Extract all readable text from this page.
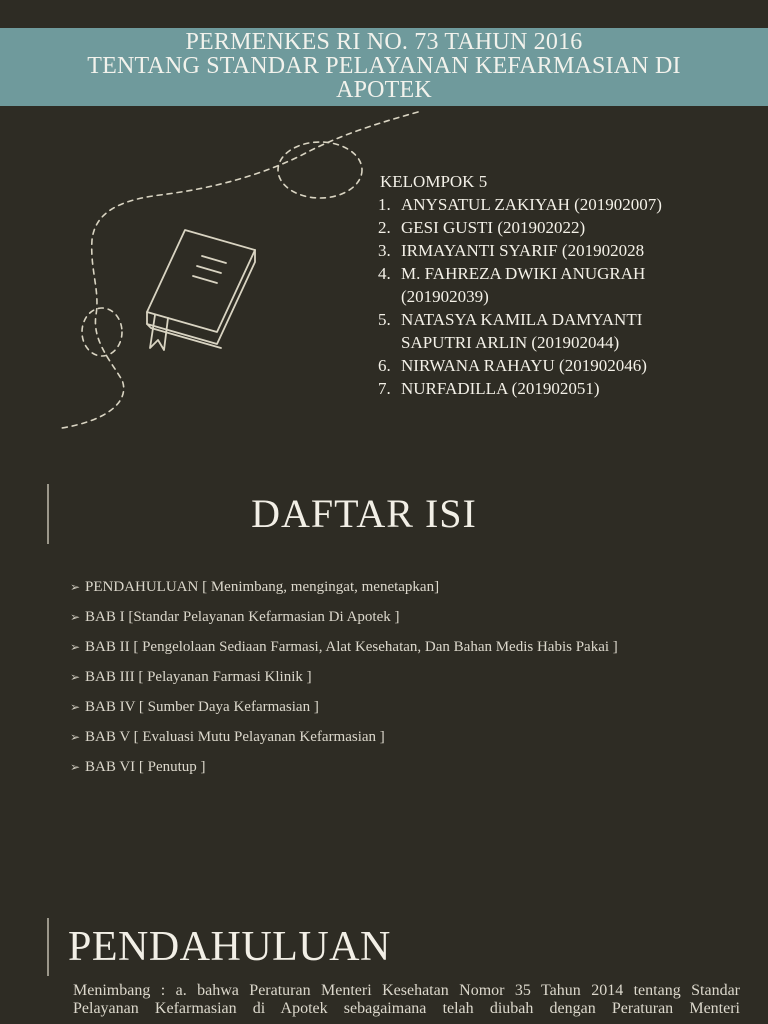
PERMENKES RI NO. 73 TAHUN 2016
TENTANG STANDAR PELAYANAN KEFARMASIAN DI
APOTEK
KELOMPOK 5
1. ANYSATUL ZAKIYAH (201902007)
2. GESI GUSTI (201902022)
3. IRMAYANTI SYARIF (201902028
4. M. FAHREZA DWIKI ANUGRAH
(201902039)
5. NATASYA KAMILA DAMYANTI
SAPUTRI ARLIN (201902044)
6. NIRWANA RAHAYU (201902046)
7. NURFADILLA (201902051)
DAFTAR ISI
➢ PENDAHULUAN [ Menimbang, mengingat, menetapkan]
➢ BAB I [Standar Pelayanan Kefarmasian Di Apotek ]
➢ BAB II [ Pengelolaan Sediaan Farmasi, Alat Kesehatan, Dan Bahan Medis Habis Pakai ]
➢ BAB III [ Pelayanan Farmasi Klinik ]
➢ BAB IV [ Sumber Daya Kefarmasian ]
➢ BAB V [ Evaluasi Mutu Pelayanan Kefarmasian ]
➢ BAB VI [ Penutup ]
PENDAHULUAN
Menimbang : a. bahwa Peraturan Menteri Kesehatan Nomor 35 Tahun 2014 tentang Standar
Pelayanan Kefarmasian di Apotek sebagaimana telah diubah dengan Peraturan Menteri
